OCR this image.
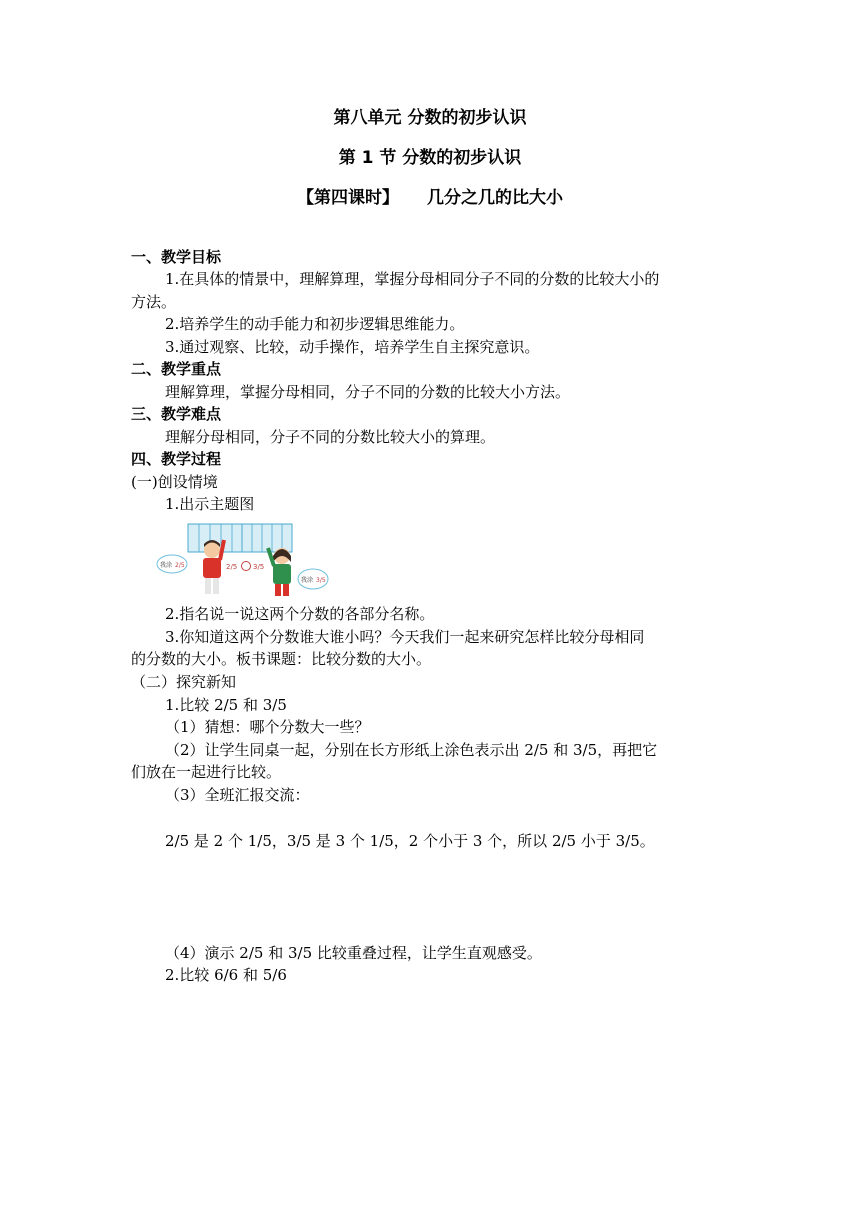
第八单元 分数的初步认识
第 1 节 分数的初步认识
【第四课时】 几分之几的比大小
一、教学目标
1.在具体的情景中，理解算理，掌握分母相同分子不同的分数的比较大小的
方法。
2.培养学生的动手能力和初步逻辑思维能力。
3.通过观察、比较，动手操作，培养学生自主探究意识。
二、教学重点
理解算理，掌握分母相同，分子不同的分数的比较大小方法。
三、教学难点
理解分母相同，分子不同的分数比较大小的算理。
四、教学过程
(一)创设情境
1.出示主题图
我涂 2/5	2/5 3/5
我涂 3/5
2.指名说一说这两个分数的各部分名称。
3.你知道这两个分数谁大谁小吗？今天我们一起来研究怎样比较分母相同
的分数的大小。板书课题：比较分数的大小。
（二）探究新知
1.比较 2/5 和 3/5
（1）猜想：哪个分数大一些？
（2）让学生同桌一起，分别在长方形纸上涂色表示出 2/5 和 3/5，再把它
们放在一起进行比较。
（3）全班汇报交流：
2/5 是 2 个 1/5，3/5 是 3 个 1/5，2 个小于 3 个，所以 2/5 小于 3/5。
（4）演示 2/5 和 3/5 比较重叠过程，让学生直观感受。
2.比较 6/6 和 5/6
